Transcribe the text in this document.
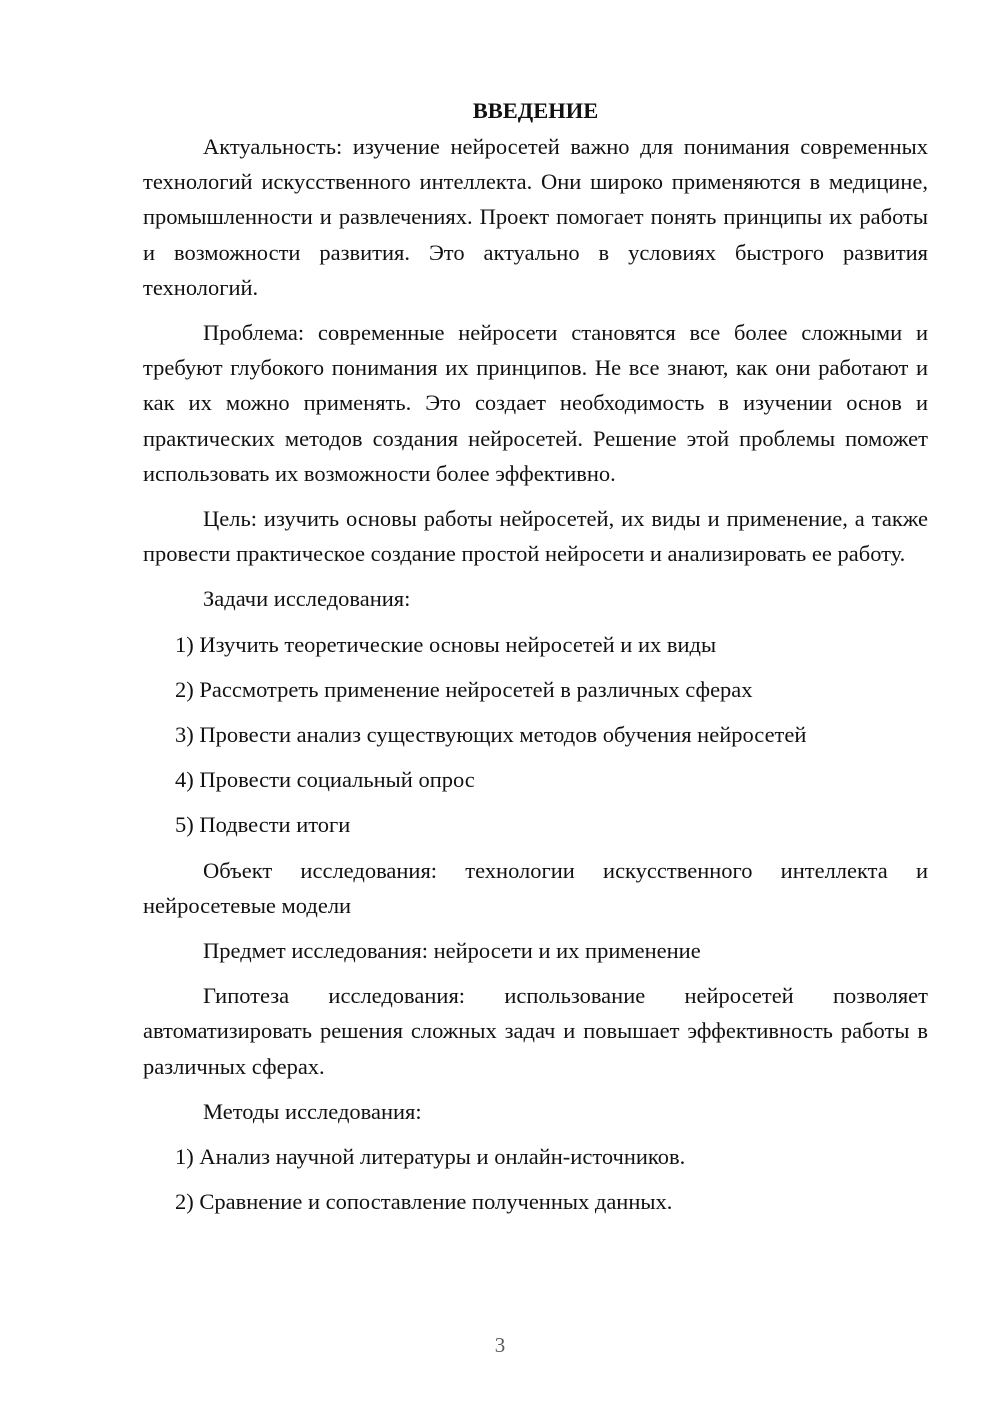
ВВЕДЕНИЕ

Актуальность: изучение нейросетей важно для понимания современных технологий искусственного интеллекта. Они широко применяются в медицине, промышленности и развлечениях. Проект помогает понять принципы их работы и возможности развития. Это актуально в условиях быстрого развития технологий.

Проблема: современные нейросети становятся все более сложными и требуют глубокого понимания их принципов. Не все знают, как они работают и как их можно применять. Это создает необходимость в изучении основ и практических методов создания нейросетей. Решение этой проблемы поможет использовать их возможности более эффективно.

Цель: изучить основы работы нейросетей, их виды и применение, а также провести практическое создание простой нейросети и анализировать ее работу.

Задачи исследования:

1) Изучить теоретические основы нейросетей и их виды
2) Рассмотреть применение нейросетей в различных сферах
3) Провести анализ существующих методов обучения нейросетей
4) Провести социальный опрос
5) Подвести итоги

Объект исследования: технологии искусственного интеллекта и нейросетевые модели

Предмет исследования: нейросети и их применение

Гипотеза исследования: использование нейросетей позволяет автоматизировать решения сложных задач и повышает эффективность работы в различных сферах.

Методы исследования:

1) Анализ научной литературы и онлайн-источников.
2) Сравнение и сопоставление полученных данных.
3
